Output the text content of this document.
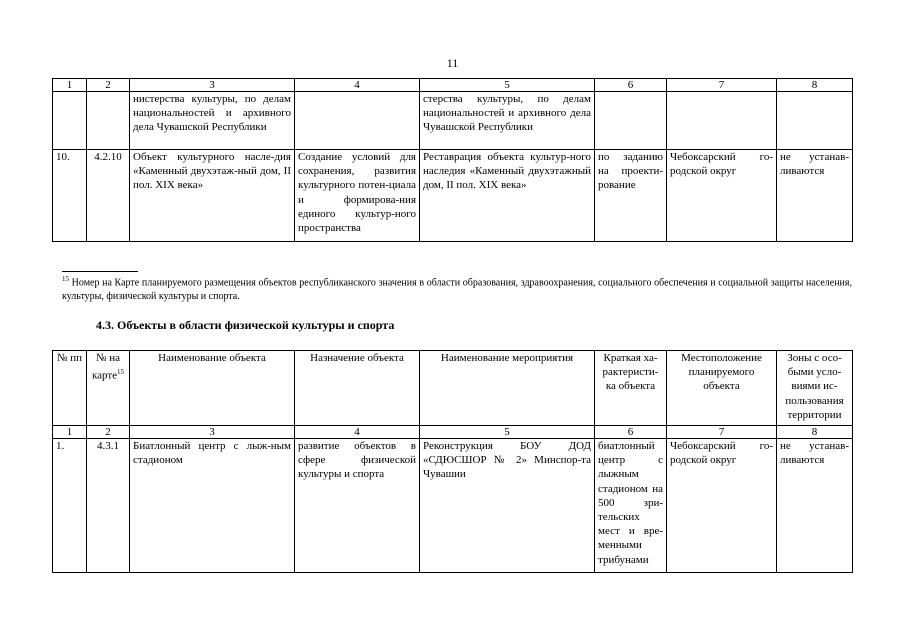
11
1	2	3	4	5	6	7	8
		нистерства культуры, по делам национальностей и архивного дела Чувашской Республики		стерства культуры, по делам национальностей и архивного дела Чувашской Республики			
10.	4.2.10	Объект культурного насле-дия «Каменный двухэтаж-ный дом, II пол. XIX века»	Создание условий для сохранения, развития культурного потен-циала и формирова-ния единого культур-ного пространства	Реставрация объекта культур-ного наследия «Каменный двухэтажный дом, II пол. XIX века»	по заданию на проекти-рование	Чебоксарский го-родской округ	не устанав-ливаются
$^{15}$ Номер на Карте планируемого размещения объектов республиканского значения в области образования, здравоохранения, социального обеспечения и социальной защиты населения, культуры, физической культуры и спорта.
4.3. Объекты в области физической культуры и спорта
№ пп	№ на карте$^{15}$	Наименование объекта	Назначение объекта	Наименование мероприятия	Краткая ха-рактеристи-ка объекта	Местоположение планируемого объекта	Зоны с осо-быми усло-виями ис-пользования территории
1	2	3	4	5	6	7	8
1.	4.3.1	Биатлонный центр с лыж-ным стадионом	развитие объектов в сфере физической культуры и спорта	Реконструкция БОУ ДОД «СДЮСШОР № 2» Минспор-та Чувашии	биатлонный центр с лыжным стадионом на 500 зри-тельских мест и вре-менными трибунами	Чебоксарский го-родской округ	не устанав-ливаются
